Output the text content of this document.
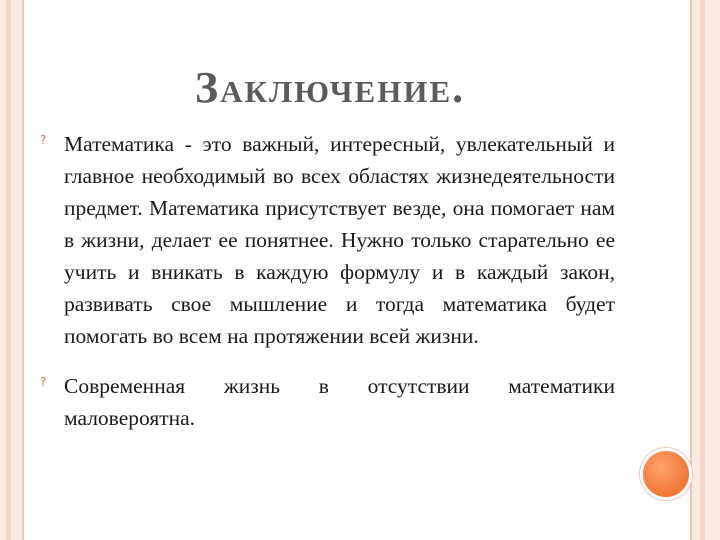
Заключение.
? Математика - это важный, интересный, увлекательный и главное необходимый во всех областях жизнедеятельности предмет. Математика присутствует везде, она помогает нам в жизни, делает ее понятнее. Нужно только старательно ее учить и вникать в каждую формулу и в каждый закон, развивать свое мышление и тогда математика будет помогать во всем на протяжении всей жизни.
? Современная жизнь в отсутствии математики маловероятна.
